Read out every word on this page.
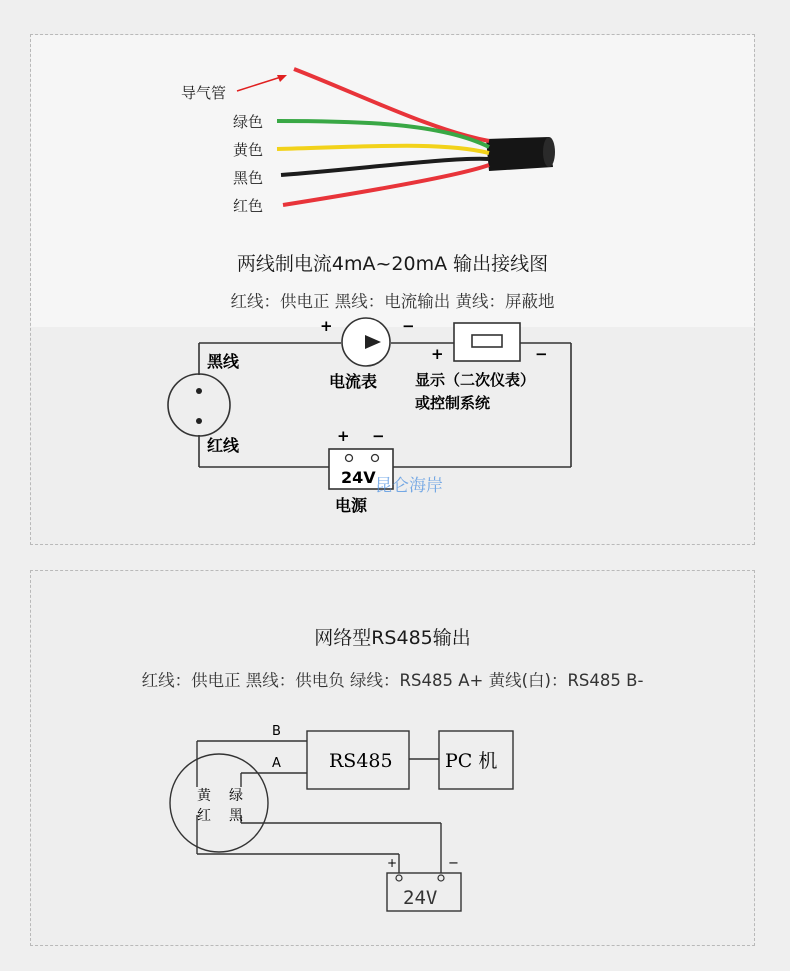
导气管
绿色
黄色
黑色
红色
两线制电流4mA~20mA 输出接线图
红线：供电正 黑线：电流输出 黄线：屏蔽地
+	−
+	−
+ −
黑线
红线
电流表	显示（二次仪表）
或控制系统
24V
电源
昆仑海岸
网络型RS485输出
红线：供电正 黑线：供电负 绿线：RS485 A+ 黄线(白)：RS485 B-
B
A	RS485	PC 机
黄
红
绿
黑
+	−
24V
